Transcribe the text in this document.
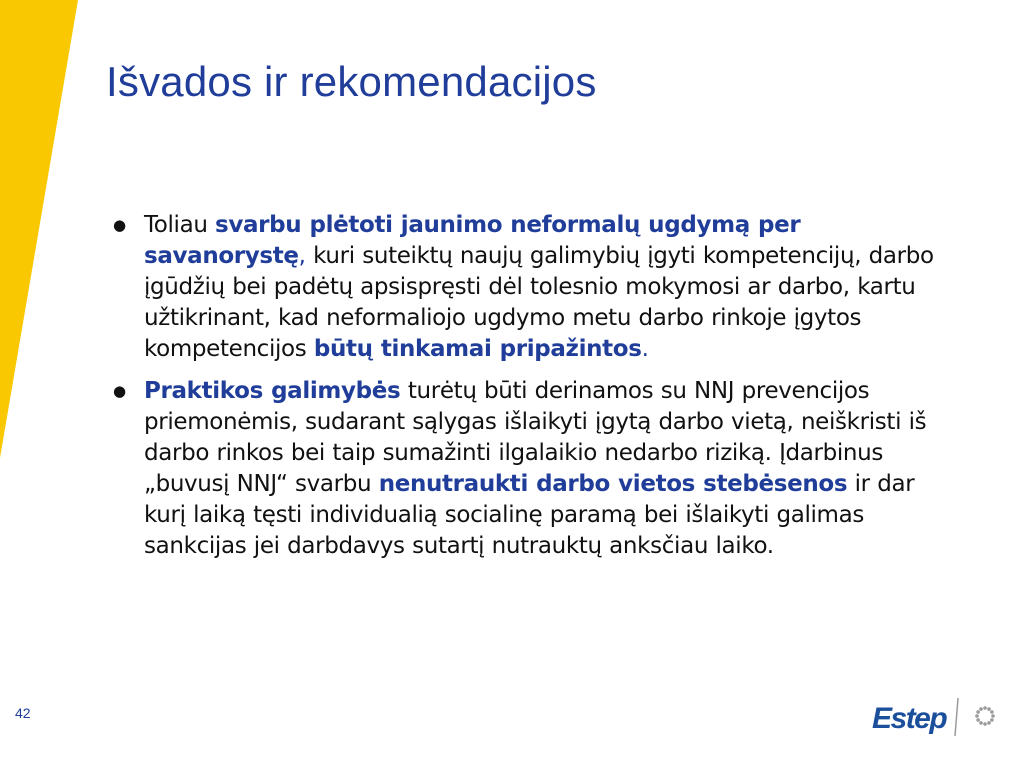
Išvados ir rekomendacijos
● Toliau svarbu plėtoti jaunimo neformalų ugdymą per savanorystę, kuri suteiktų naujų galimybių įgyti kompetencijų, darbo įgūdžių bei padėtų apsispręsti dėl tolesnio mokymosi ar darbo, kartu užtikrinant, kad neformaliojo ugdymo metu darbo rinkoje įgytos kompetencijos būtų tinkamai pripažintos.
● Praktikos galimybės turėtų būti derinamos su NNJ prevencijos priemonėmis, sudarant sąlygas išlaikyti įgytą darbo vietą, neiškristi iš darbo rinkos bei taip sumažinti ilgalaikio nedarbo riziką. Įdarbinus „buvusį NNJ“ svarbu nenutraukti darbo vietos stebėsenos ir dar kurį laiką tęsti individualią socialinę paramą bei išlaikyti galimas sankcijas jei darbdavys sutartį nutrauktų anksčiau laiko.
42	Estep
